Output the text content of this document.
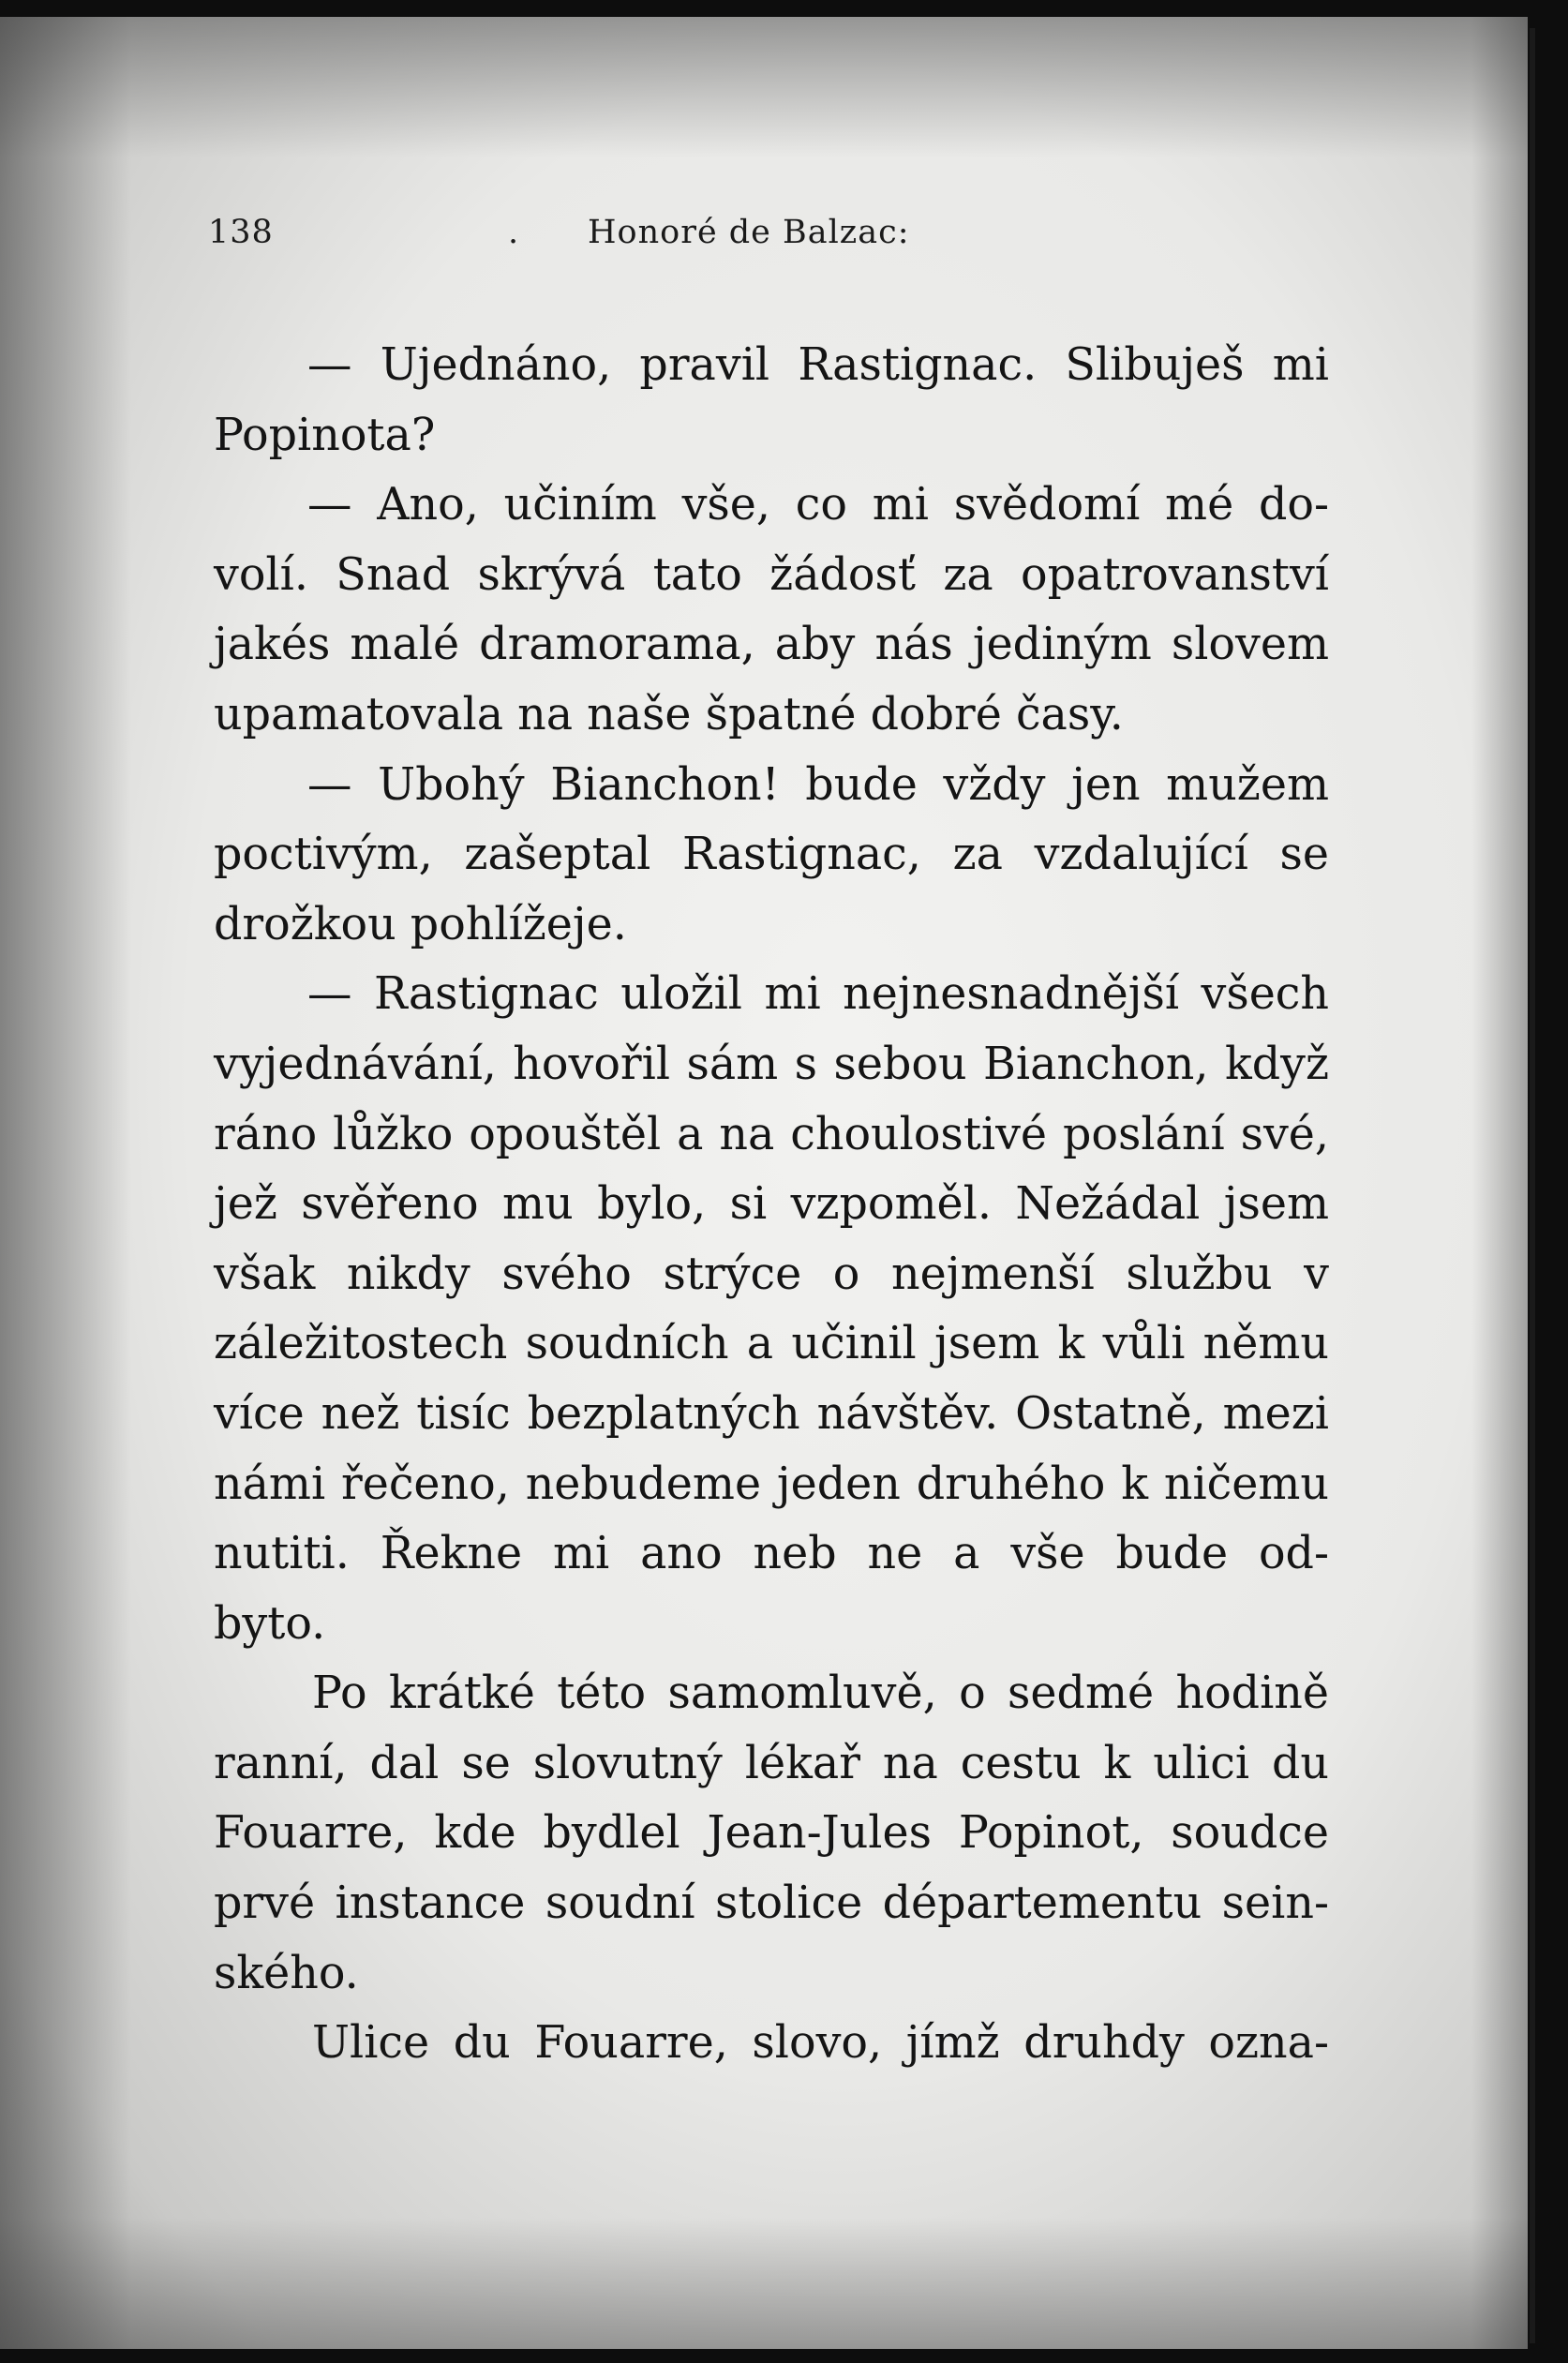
138	. Honoré de Balzac:
— Ujednáno, pravil Rastignac. Slibuješ mi
Popinota?
— Ano, učiním vše, co mi svědomí mé do-
volí. Snad skrývá tato žádosť za opatrovanství
jakés malé dramorama, aby nás jediným slovem
upamatovala na naše špatné dobré časy.
— Ubohý Bianchon! bude vždy jen mužem
poctivým, zašeptal Rastignac, za vzdalující se
drožkou pohlížeje.
— Rastignac uložil mi nejnesnadnější všech
vyjednávání, hovořil sám s sebou Bianchon, když
ráno lůžko opouštěl a na choulostivé poslání své,
jež svěřeno mu bylo, si vzpoměl. Nežádal jsem
však nikdy svého strýce o nejmenší službu v
záležitostech soudních a učinil jsem k vůli němu
více než tisíc bezplatných návštěv. Ostatně, mezi
námi řečeno, nebudeme jeden druhého k ničemu
nutiti. Řekne mi ano neb ne a vše bude od-
byto.
Po krátké této samomluvě, o sedmé hodině
ranní, dal se slovutný lékař na cestu k ulici du
Fouarre, kde bydlel Jean-Jules Popinot, soudce
prvé instance soudní stolice départementu sein-
ského.
Ulice du Fouarre, slovo, jímž druhdy ozna-
